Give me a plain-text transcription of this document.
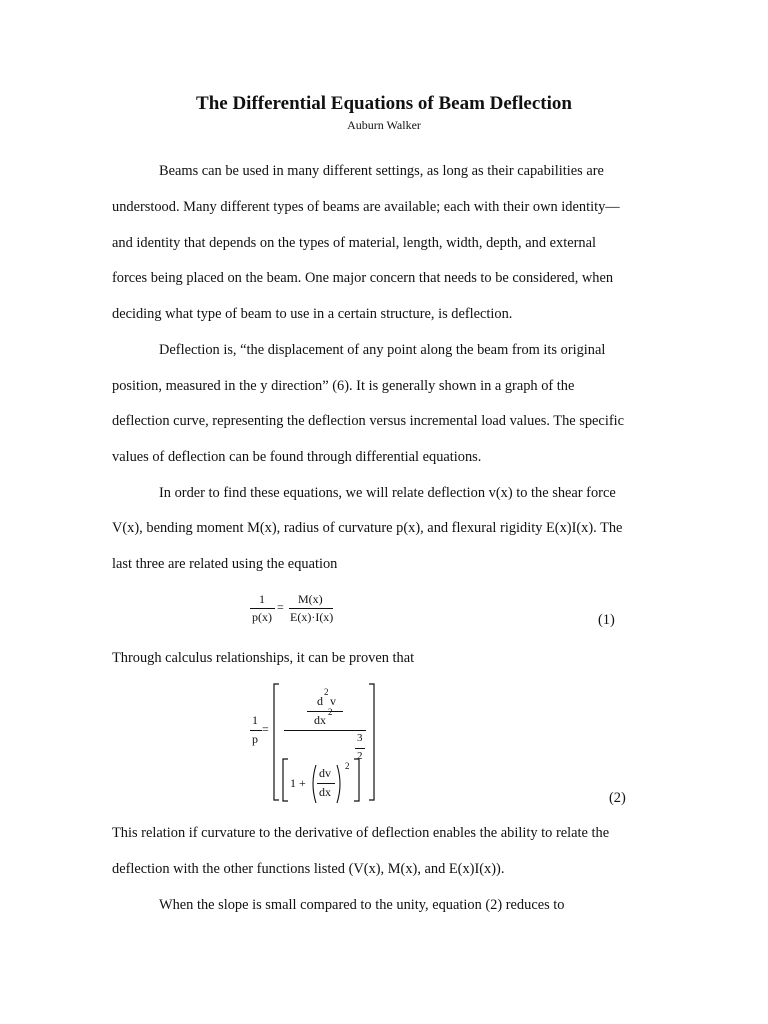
The Differential Equations of Beam Deflection
Auburn Walker
Beams can be used in many different settings, as long as their capabilities are
understood. Many different types of beams are available; each with their own identity—
and identity that depends on the types of material, length, width, depth, and external
forces being placed on the beam. One major concern that needs to be considered, when
deciding what type of beam to use in a certain structure, is deflection.
Deflection is, “the displacement of any point along the beam from its original
position, measured in the y direction” (6). It is generally shown in a graph of the
deflection curve, representing the deflection versus incremental load values. The specific
values of deflection can be found through differential equations.
In order to find these equations, we will relate deflection v(x) to the shear force
V(x), bending moment M(x), radius of curvature p(x), and flexural rigidity E(x)I(x). The
last three are related using the equation
1
p(x)
=
M(x)
E(x)·I(x)	(1)
Through calculus relationships, it can be proven that
1
p
=
d
2
v
dx
2
3
2
1 +
dv
dx
2
(2)
This relation if curvature to the derivative of deflection enables the ability to relate the
deflection with the other functions listed (V(x), M(x), and E(x)I(x)).
When the slope is small compared to the unity, equation (2) reduces to
